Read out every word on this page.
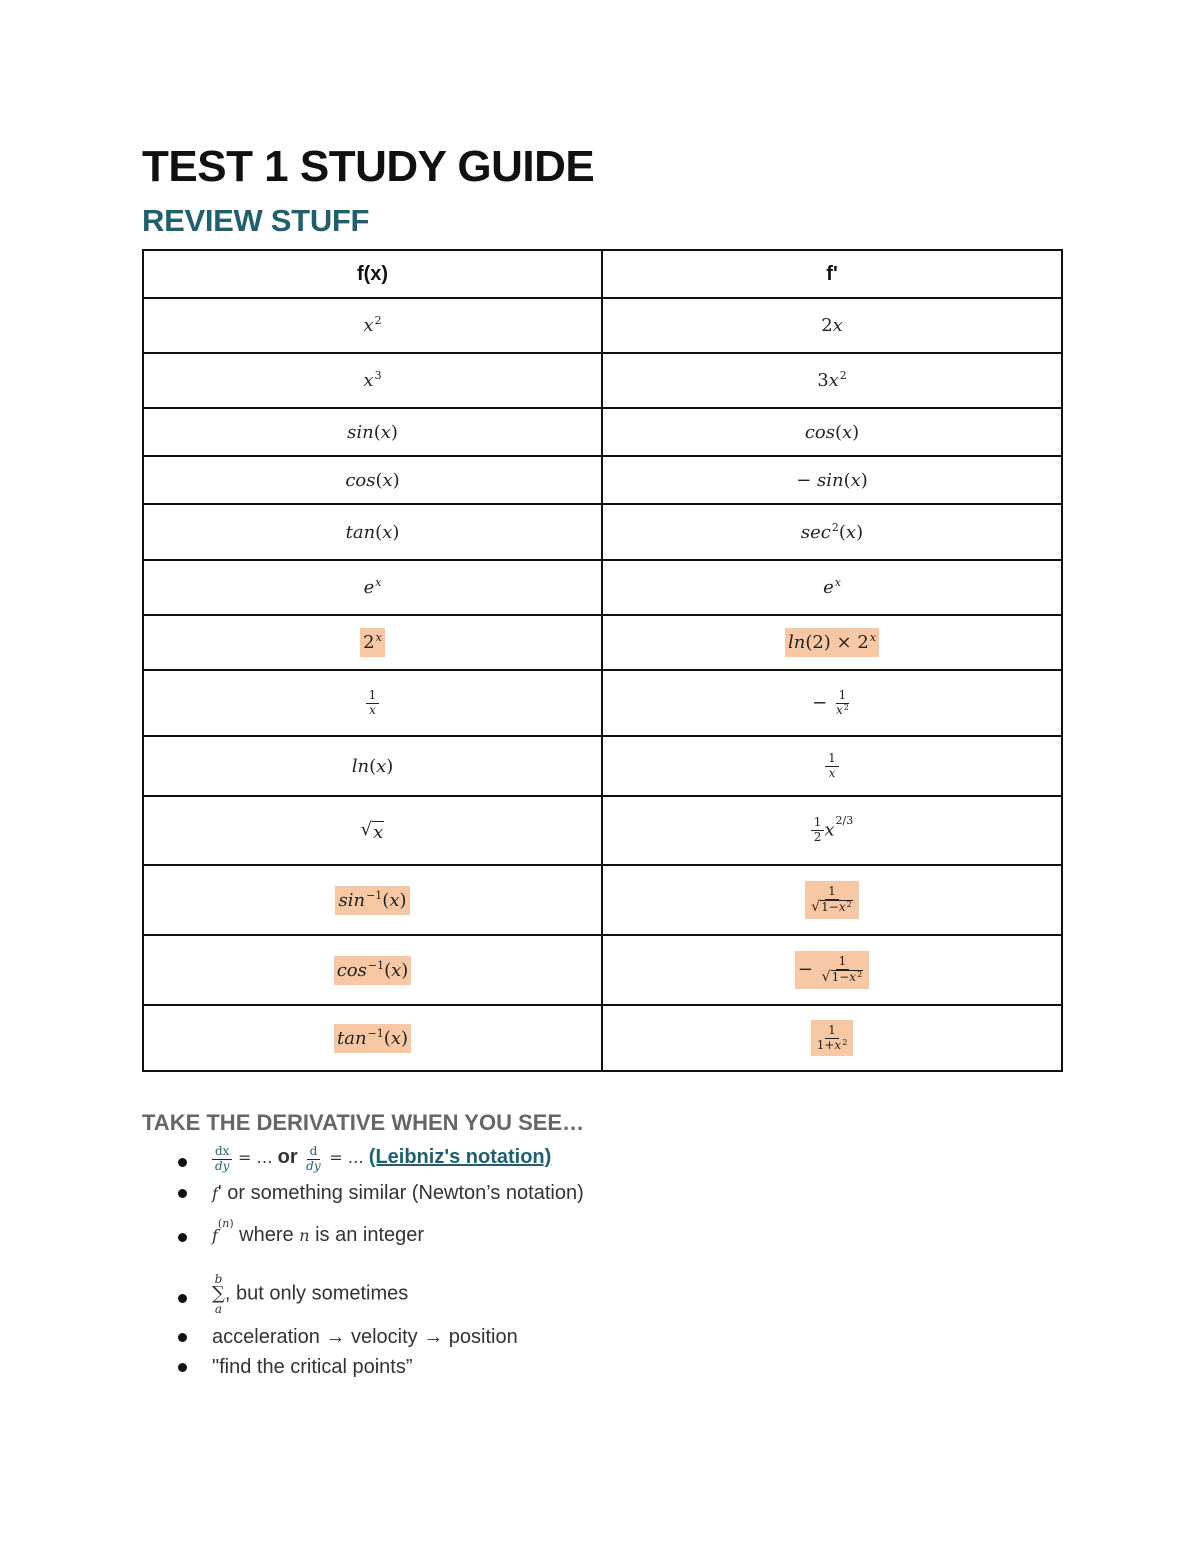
TEST 1 STUDY GUIDE
REVIEW STUFF
f(x)	f'
$x^2$	2x
$x^3$	$3x^2$
sin(x)	cos(x)
cos(x)	− sin(x)
tan(x)	$\sec^2(x)$
$e^x$	$e^x$
2$^x$	$\ln(2) \times 2^x$

$\frac{1}{x}$	− $\frac{1}{x^2}$

ln(x)	$\frac{1}{x}$

√ x	$\frac{1}{2} x^{2/3}$
$\sin^{-1}(x)$	$\frac{1}{√ 1-x^2}$

$\cos^{-1}(x)$	− $\frac{1}{√ 1-x^2}$

$\tan^{-1}(x)$	$\frac{1}{1+x^2}$
TAKE THE DERIVATIVE WHEN YOU SEE…
$\frac{dx}{dy}$ = … or $\frac{d}{dy}$ = … (Leibniz's notation)
f' or something similar (Newton’s notation)
$f^{(n)}$ where n is an integer
b
∑
a
, but only sometimes
acceleration → velocity → position
"find the critical points”
